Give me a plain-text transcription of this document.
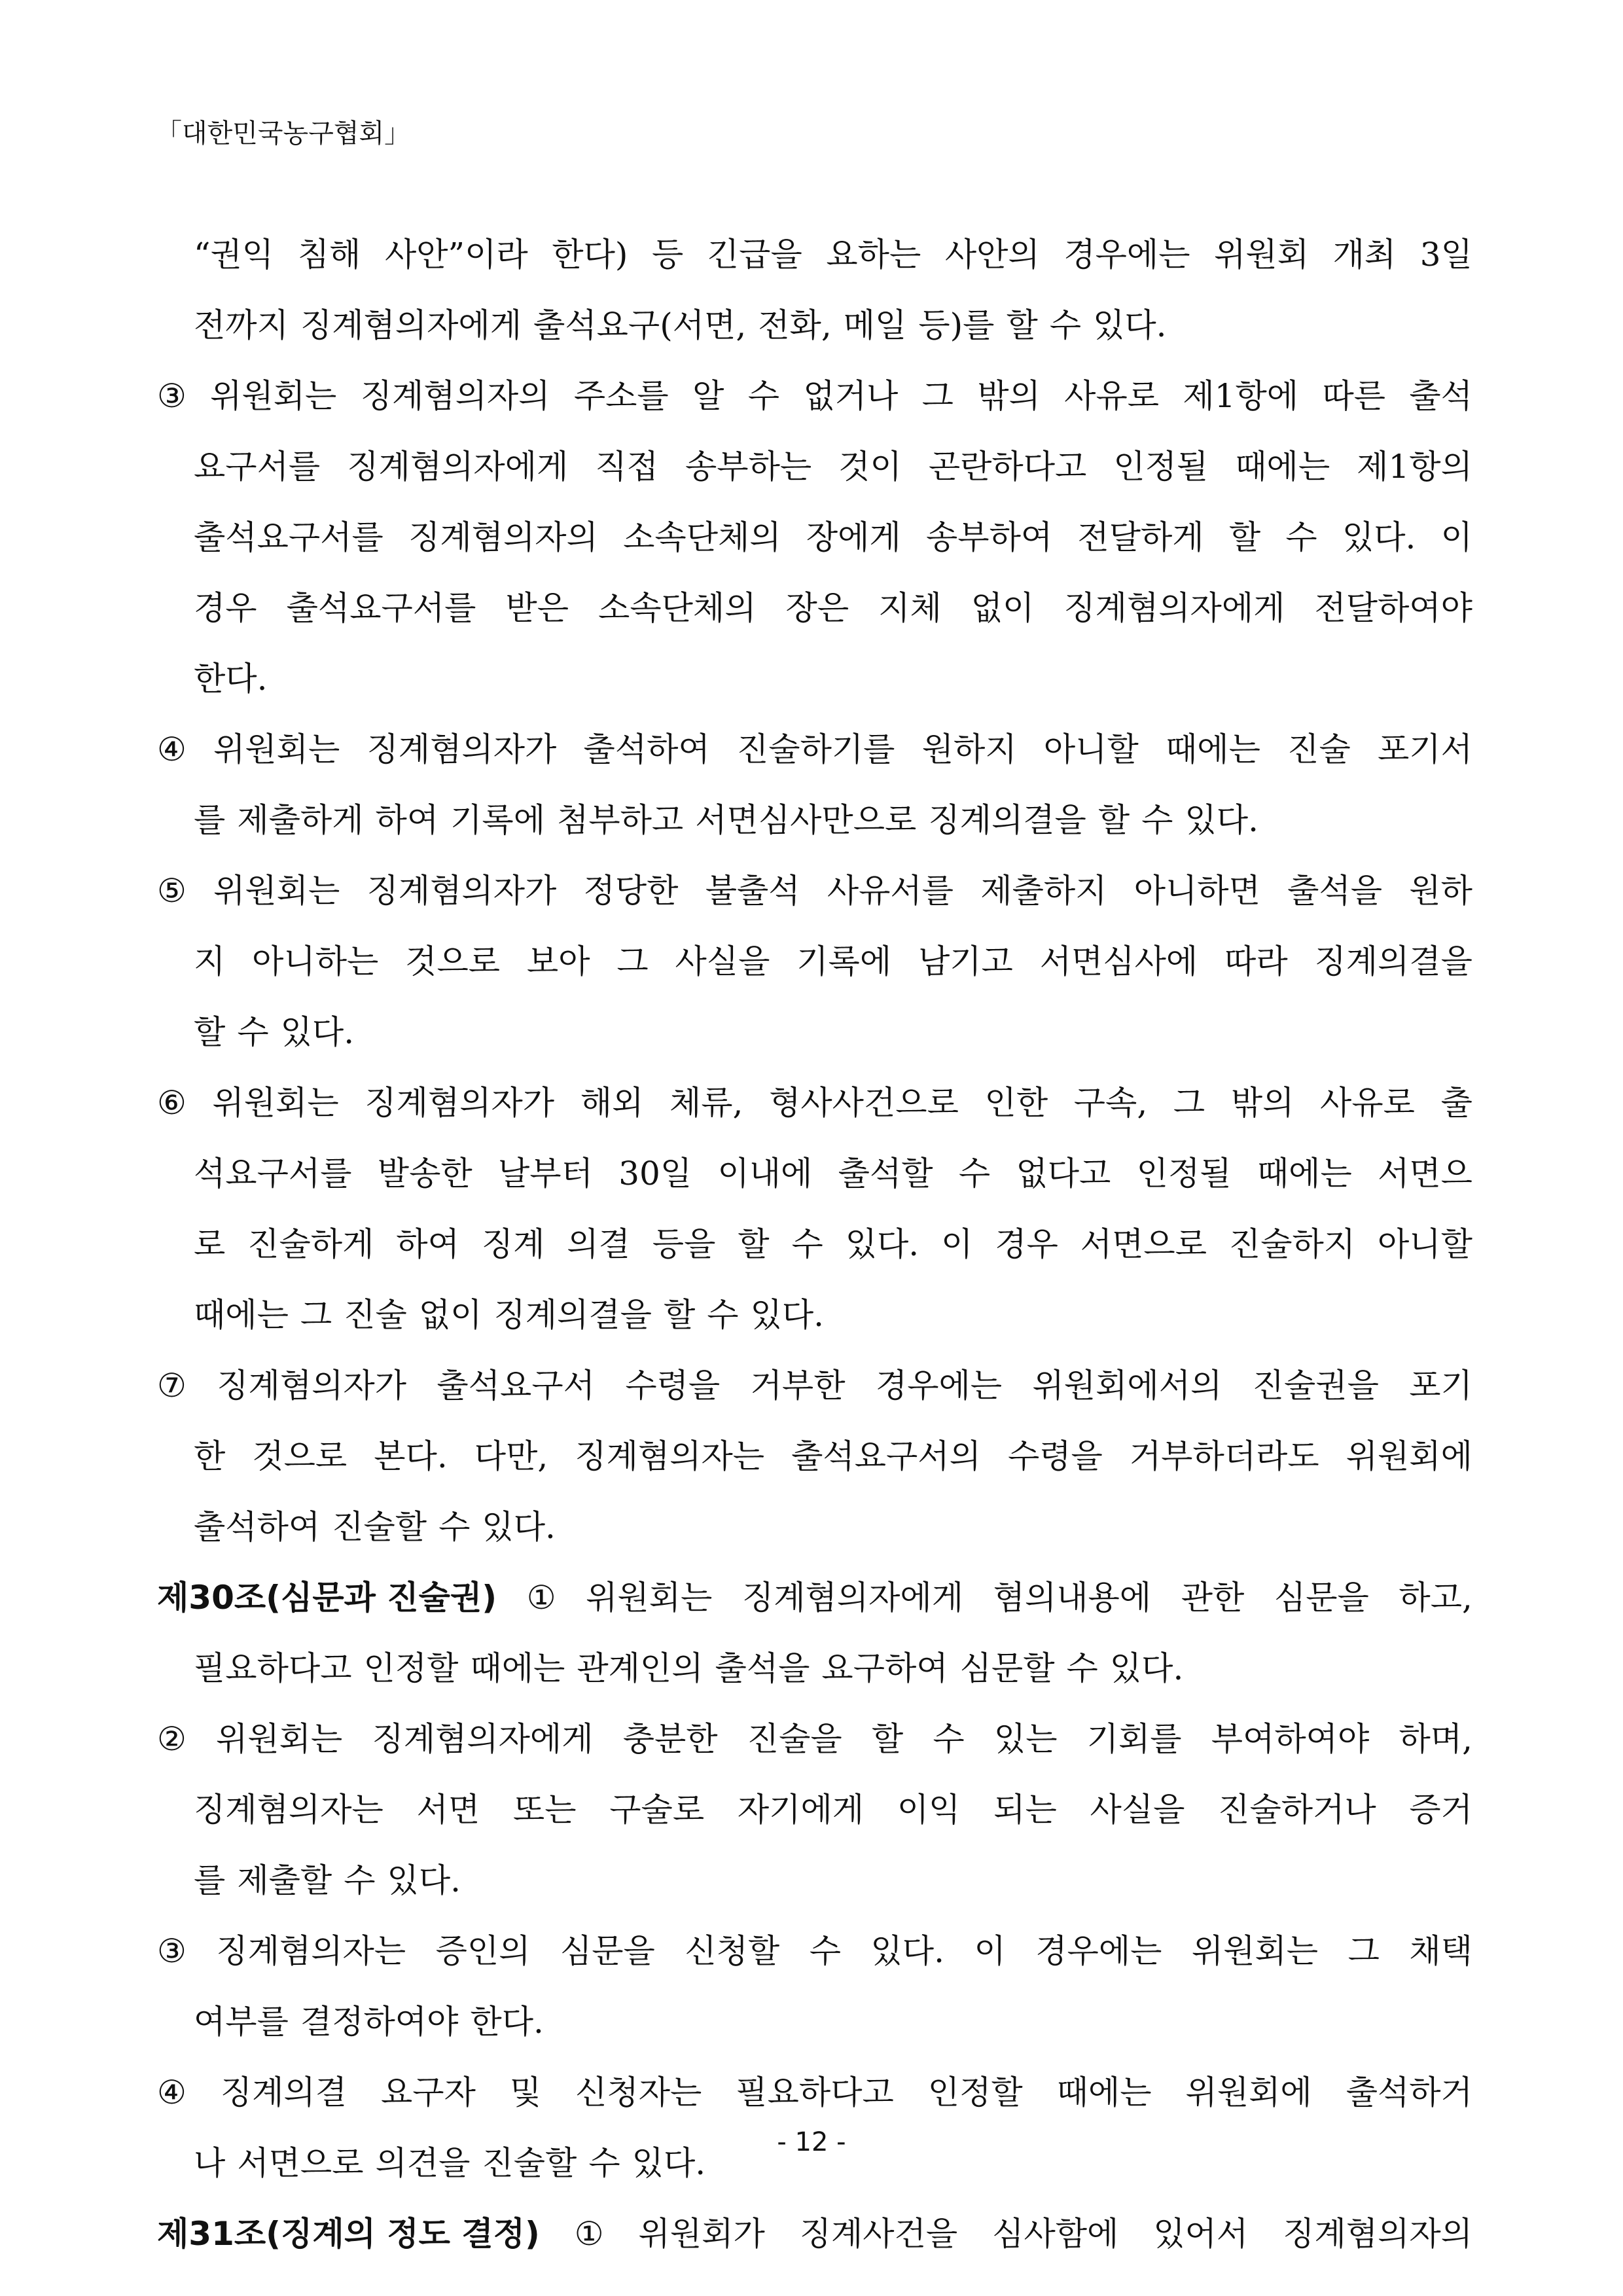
「대한민국농구협회」
“권익 침해 사안”이라 한다) 등 긴급을 요하는 사안의 경우에는 위원회 개최 3일
전까지 징계혐의자에게 출석요구(서면, 전화, 메일 등)를 할 수 있다.
③ 위원회는 징계혐의자의 주소를 알 수 없거나 그 밖의 사유로 제1항에 따른 출석
요구서를 징계혐의자에게 직접 송부하는 것이 곤란하다고 인정될 때에는 제1항의
출석요구서를 징계혐의자의 소속단체의 장에게 송부하여 전달하게 할 수 있다. 이
경우 출석요구서를 받은 소속단체의 장은 지체 없이 징계혐의자에게 전달하여야
한다.
④ 위원회는 징계혐의자가 출석하여 진술하기를 원하지 아니할 때에는 진술 포기서
를 제출하게 하여 기록에 첨부하고 서면심사만으로 징계의결을 할 수 있다.
⑤ 위원회는 징계혐의자가 정당한 불출석 사유서를 제출하지 아니하면 출석을 원하
지 아니하는 것으로 보아 그 사실을 기록에 남기고 서면심사에 따라 징계의결을
할 수 있다.
⑥ 위원회는 징계혐의자가 해외 체류, 형사사건으로 인한 구속, 그 밖의 사유로 출
석요구서를 발송한 날부터 30일 이내에 출석할 수 없다고 인정될 때에는 서면으
로 진술하게 하여 징계 의결 등을 할 수 있다. 이 경우 서면으로 진술하지 아니할
때에는 그 진술 없이 징계의결을 할 수 있다.
⑦ 징계혐의자가 출석요구서 수령을 거부한 경우에는 위원회에서의 진술권을 포기
한 것으로 본다. 다만, 징계혐의자는 출석요구서의 수령을 거부하더라도 위원회에
출석하여 진술할 수 있다.
제30조(심문과 진술권) ① 위원회는 징계혐의자에게 혐의내용에 관한 심문을 하고,
필요하다고 인정할 때에는 관계인의 출석을 요구하여 심문할 수 있다.
② 위원회는 징계혐의자에게 충분한 진술을 할 수 있는 기회를 부여하여야 하며,
징계혐의자는 서면 또는 구술로 자기에게 이익 되는 사실을 진술하거나 증거
를 제출할 수 있다.
③ 징계혐의자는 증인의 심문을 신청할 수 있다. 이 경우에는 위원회는 그 채택
여부를 결정하여야 한다.
④ 징계의결 요구자 및 신청자는 필요하다고 인정할 때에는 위원회에 출석하거
나 서면으로 의견을 진술할 수 있다.
제31조(징계의 정도 결정) ① 위원회가 징계사건을 심사함에 있어서 징계혐의자의
- 12 -
